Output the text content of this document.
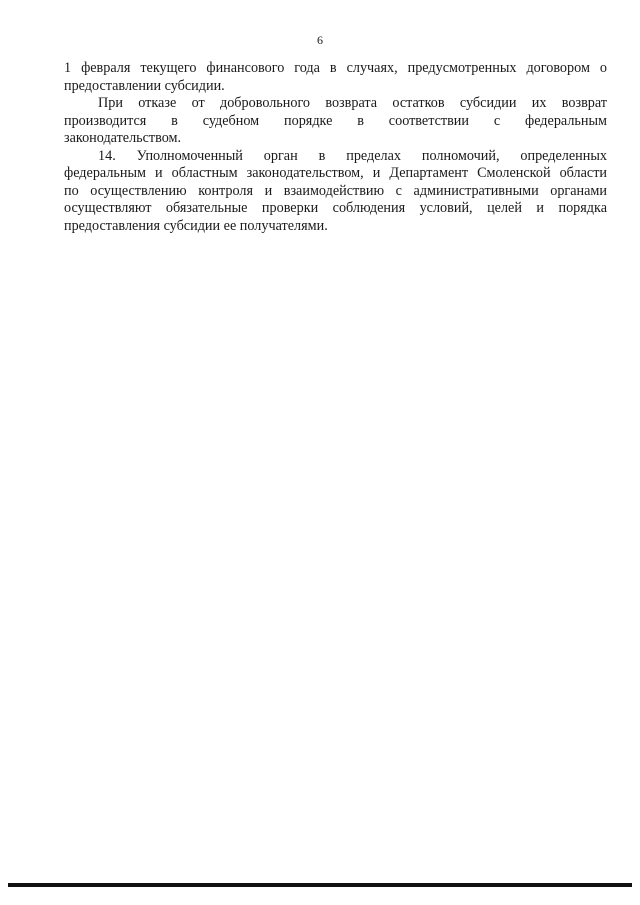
6

1 февраля текущего финансового года в случаях, предусмотренных договором о
предоставлении субсидии.

При отказе от добровольного возврата остатков субсидии их возврат
производится в судебном порядке в соответствии с федеральным
законодательством.

14. Уполномоченный орган в пределах полномочий, определенных
федеральным и областным законодательством, и Департамент Смоленской области
по осуществлению контроля и взаимодействию с административными органами
осуществляют обязательные проверки соблюдения условий, целей и порядка
предоставления субсидии ее получателями.
